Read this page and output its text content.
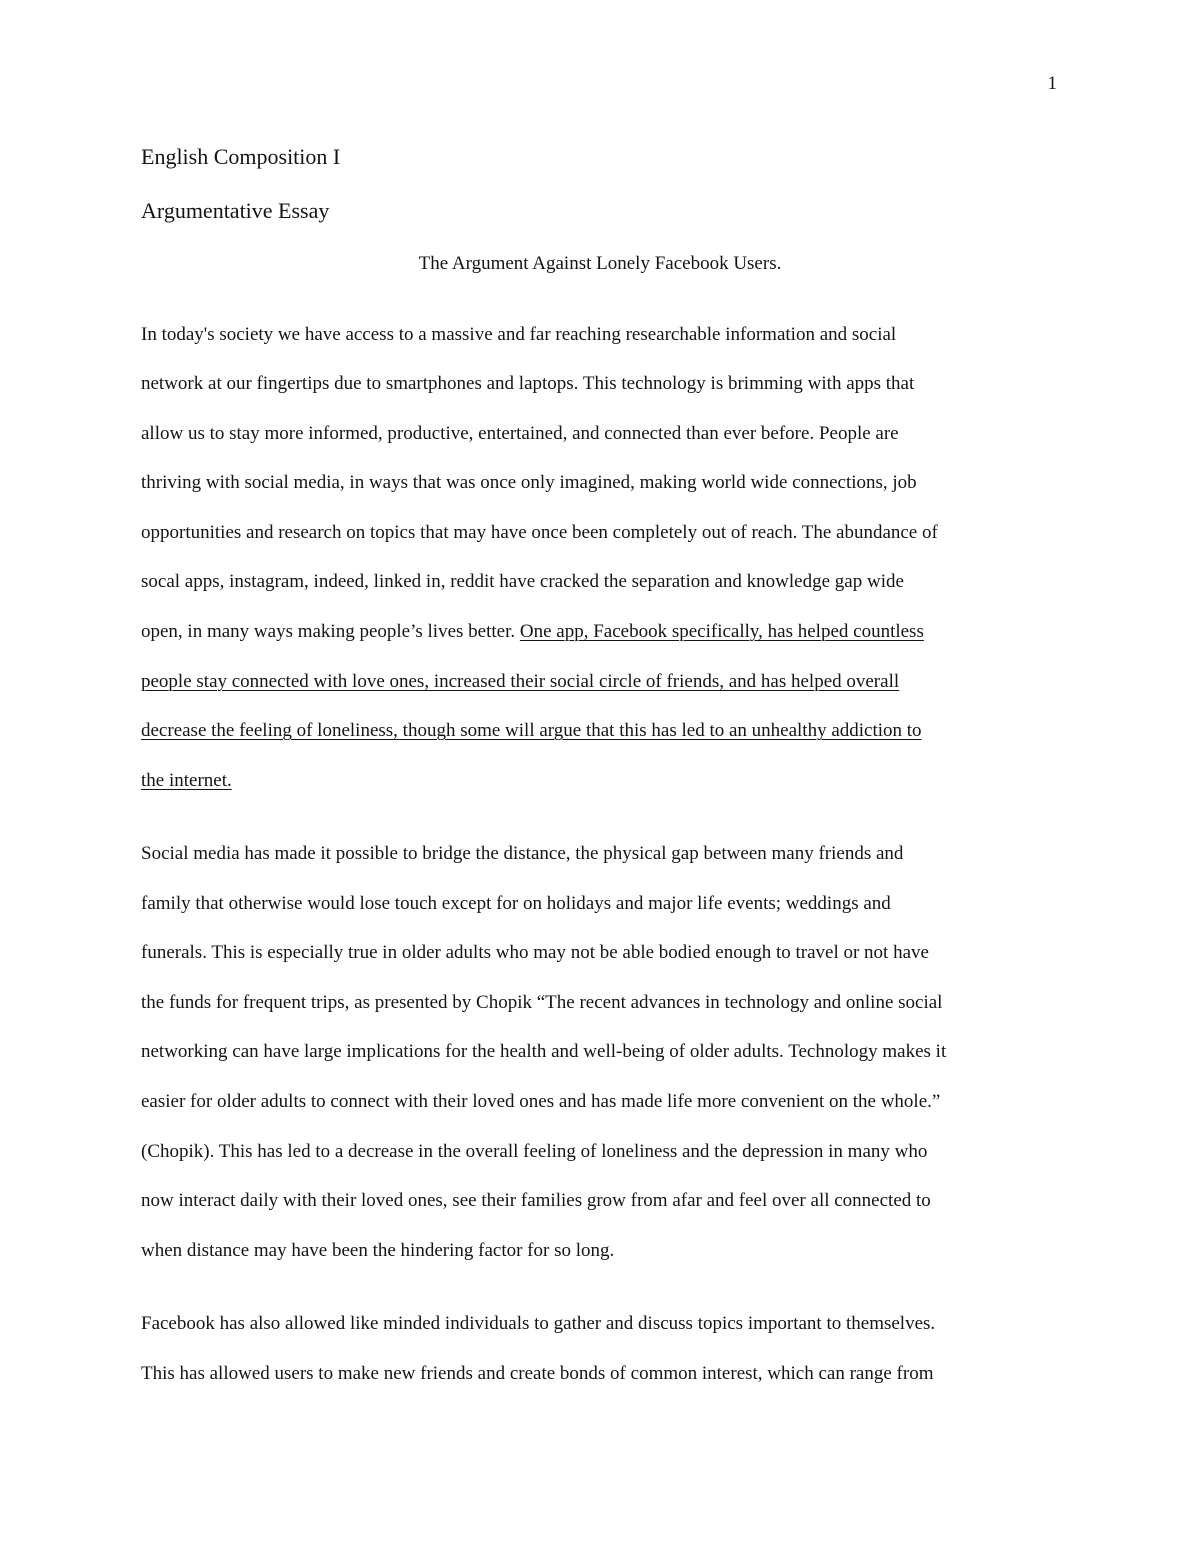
1
English Composition I
Argumentative Essay
The Argument Against Lonely Facebook Users.
In today's society we have access to a massive and far reaching researchable information and social
network at our fingertips due to smartphones and laptops. This technology is brimming with apps that
allow us to stay more informed, productive, entertained, and connected than ever before. People are
thriving with social media, in ways that was once only imagined, making world wide connections, job
opportunities and research on topics that may have once been completely out of reach. The abundance of
socal apps, instagram, indeed, linked in, reddit have cracked the separation and knowledge gap wide
open, in many ways making people’s lives better. One app, Facebook specifically, has helped countless
people stay connected with love ones, increased their social circle of friends, and has helped overall
decrease the feeling of loneliness, though some will argue that this has led to an unhealthy addiction to
the internet.
Social media has made it possible to bridge the distance, the physical gap between many friends and
family that otherwise would lose touch except for on holidays and major life events; weddings and
funerals. This is especially true in older adults who may not be able bodied enough to travel or not have
the funds for frequent trips, as presented by Chopik “The recent advances in technology and online social
networking can have large implications for the health and well-being of older adults. Technology makes it
easier for older adults to connect with their loved ones and has made life more convenient on the whole.”
(Chopik). This has led to a decrease in the overall feeling of loneliness and the depression in many who
now interact daily with their loved ones, see their families grow from afar and feel over all connected to
when distance may have been the hindering factor for so long.
Facebook has also allowed like minded individuals to gather and discuss topics important to themselves.
This has allowed users to make new friends and create bonds of common interest, which can range from
